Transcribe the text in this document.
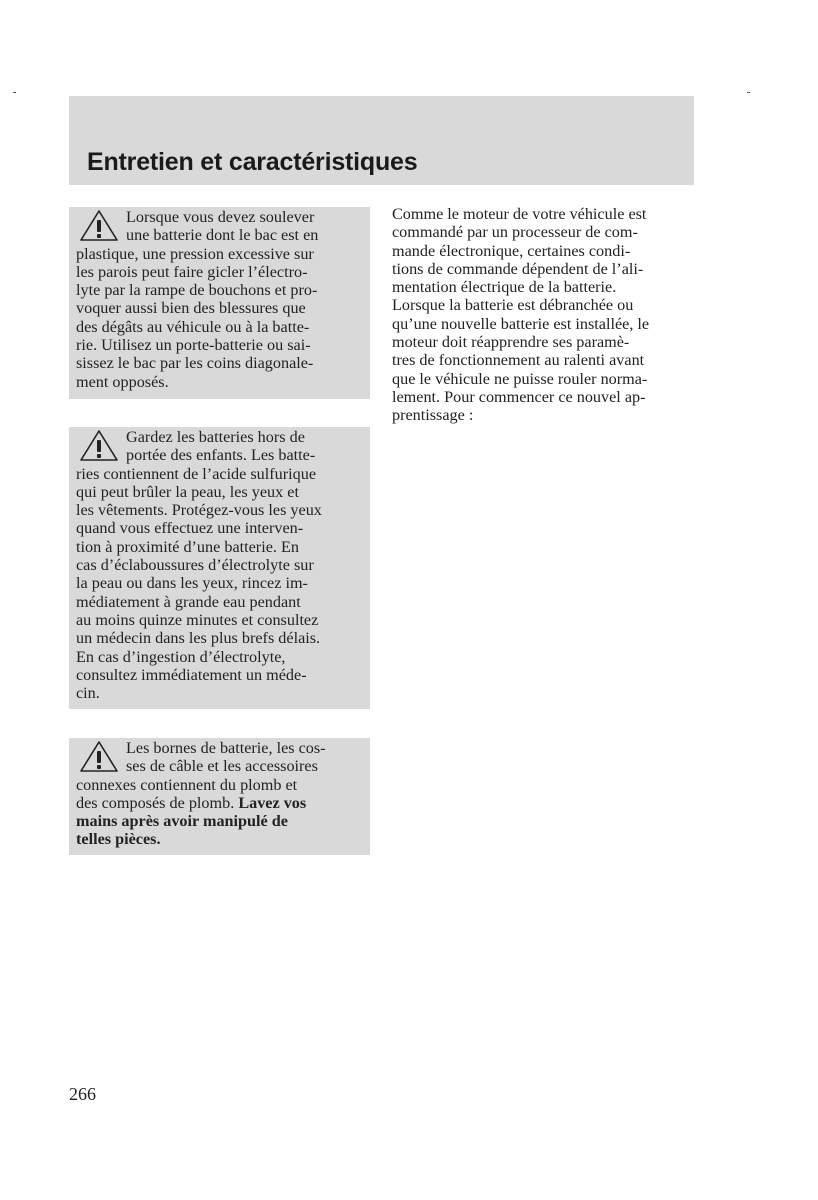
Entretien et caractéristiques
Lorsque vous devez soulever
une batterie dont le bac est en
plastique, une pression excessive sur
les parois peut faire gicler l’électro-
lyte par la rampe de bouchons et pro-
voquer aussi bien des blessures que
des dégâts au véhicule ou à la batte-
rie. Utilisez un porte-batterie ou sai-
sissez le bac par les coins diagonale-
ment opposés.
Gardez les batteries hors de
portée des enfants. Les batte-
ries contiennent de l’acide sulfurique
qui peut brûler la peau, les yeux et
les vêtements. Protégez-vous les yeux
quand vous effectuez une interven-
tion à proximité d’une batterie. En
cas d’éclaboussures d’électrolyte sur
la peau ou dans les yeux, rincez im-
médiatement à grande eau pendant
au moins quinze minutes et consultez
un médecin dans les plus brefs délais.
En cas d’ingestion d’électrolyte,
consultez immédiatement un méde-
cin.
Les bornes de batterie, les cos-
ses de câble et les accessoires
connexes contiennent du plomb et
des composés de plomb. Lavez vos
mains après avoir manipulé de
telles pièces.
Comme le moteur de votre véhicule est
commandé par un processeur de com-
mande électronique, certaines condi-
tions de commande dépendent de l’ali-
mentation électrique de la batterie.
Lorsque la batterie est débranchée ou
qu’une nouvelle batterie est installée, le
moteur doit réapprendre ses paramè-
tres de fonctionnement au ralenti avant
que le véhicule ne puisse rouler norma-
lement. Pour commencer ce nouvel ap-
prentissage :
266
